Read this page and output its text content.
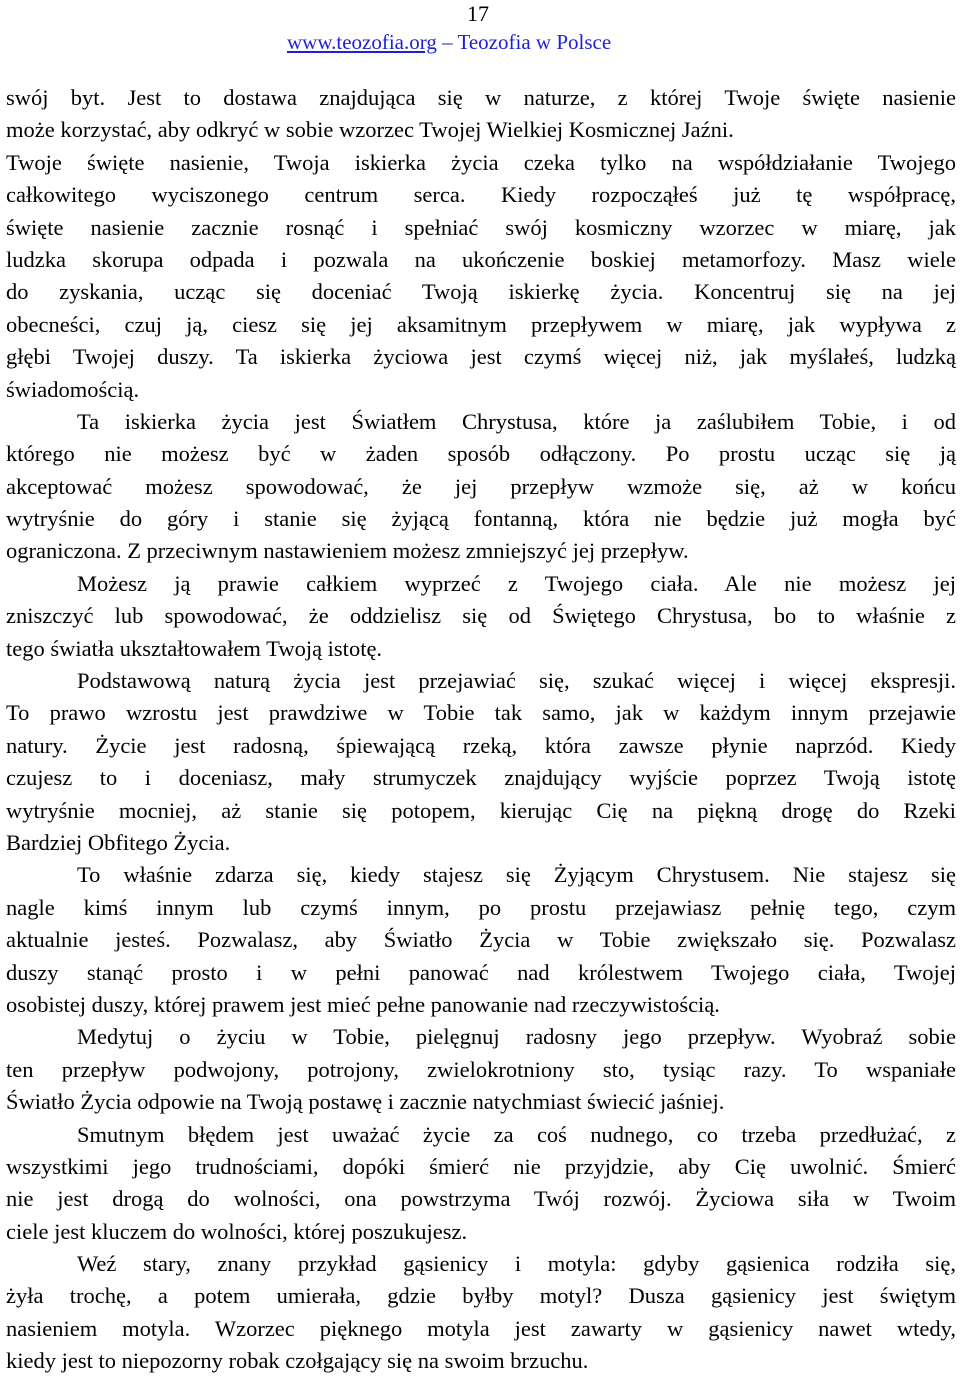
17
www.teozofia.org – Teozofia w Polsce
swój byt. Jest to dostawa znajdująca się w naturze, z której Twoje święte nasienie
może korzystać, aby odkryć w sobie wzorzec Twojej Wielkiej Kosmicznej Jaźni.
Twoje święte nasienie, Twoja iskierka życia czeka tylko na współdziałanie Twojego
całkowitego wyciszonego centrum serca. Kiedy rozpocząłeś już tę współpracę,
święte nasienie zacznie rosnąć i spełniać swój kosmiczny wzorzec w miarę, jak
ludzka skorupa odpada i pozwala na ukończenie boskiej metamorfozy. Masz wiele
do zyskania, ucząc się doceniać Twoją iskierkę życia. Koncentruj się na jej
obecneści, czuj ją, ciesz się jej aksamitnym przepływem w miarę, jak wypływa z
głębi Twojej duszy. Ta iskierka życiowa jest czymś więcej niż, jak myślałeś, ludzką
świadomością.
Ta iskierka życia jest Światłem Chrystusa, które ja zaślubiłem Tobie, i od
którego nie możesz być w żaden sposób odłączony. Po prostu ucząc się ją
akceptować możesz spowodować, że jej przepływ wzmoże się, aż w końcu
wytryśnie do góry i stanie się żyjącą fontanną, która nie będzie już mogła być
ograniczona. Z przeciwnym nastawieniem możesz zmniejszyć jej przepływ.
Możesz ją prawie całkiem wyprzeć z Twojego ciała. Ale nie możesz jej
zniszczyć lub spowodować, że oddzielisz się od Świętego Chrystusa, bo to właśnie z
tego światła ukształtowałem Twoją istotę.
Podstawową naturą życia jest przejawiać się, szukać więcej i więcej ekspresji.
To prawo wzrostu jest prawdziwe w Tobie tak samo, jak w każdym innym przejawie
natury. Życie jest radosną, śpiewającą rzeką, która zawsze płynie naprzód. Kiedy
czujesz to i doceniasz, mały strumyczek znajdujący wyjście poprzez Twoją istotę
wytryśnie mocniej, aż stanie się potopem, kierując Cię na piękną drogę do Rzeki
Bardziej Obfitego Życia.
To właśnie zdarza się, kiedy stajesz się Żyjącym Chrystusem. Nie stajesz się
nagle kimś innym lub czymś innym, po prostu przejawiasz pełnię tego, czym
aktualnie jesteś. Pozwalasz, aby Światło Życia w Tobie zwiększało się. Pozwalasz
duszy stanąć prosto i w pełni panować nad królestwem Twojego ciała, Twojej
osobistej duszy, której prawem jest mieć pełne panowanie nad rzeczywistością.
Medytuj o życiu w Tobie, pielęgnuj radosny jego przepływ. Wyobraź sobie
ten przepływ podwojony, potrojony, zwielokrotniony sto, tysiąc razy. To wspaniałe
Światło Życia odpowie na Twoją postawę i zacznie natychmiast świecić jaśniej.
Smutnym błędem jest uważać życie za coś nudnego, co trzeba przedłużać, z
wszystkimi jego trudnościami, dopóki śmierć nie przyjdzie, aby Cię uwolnić. Śmierć
nie jest drogą do wolności, ona powstrzyma Twój rozwój. Życiowa siła w Twoim
ciele jest kluczem do wolności, której poszukujesz.
Weź stary, znany przykład gąsienicy i motyla: gdyby gąsienica rodziła się,
żyła trochę, a potem umierała, gdzie byłby motyl? Dusza gąsienicy jest świętym
nasieniem motyla. Wzorzec pięknego motyla jest zawarty w gąsienicy nawet wtedy,
kiedy jest to niepozorny robak czołgający się na swoim brzuchu.
